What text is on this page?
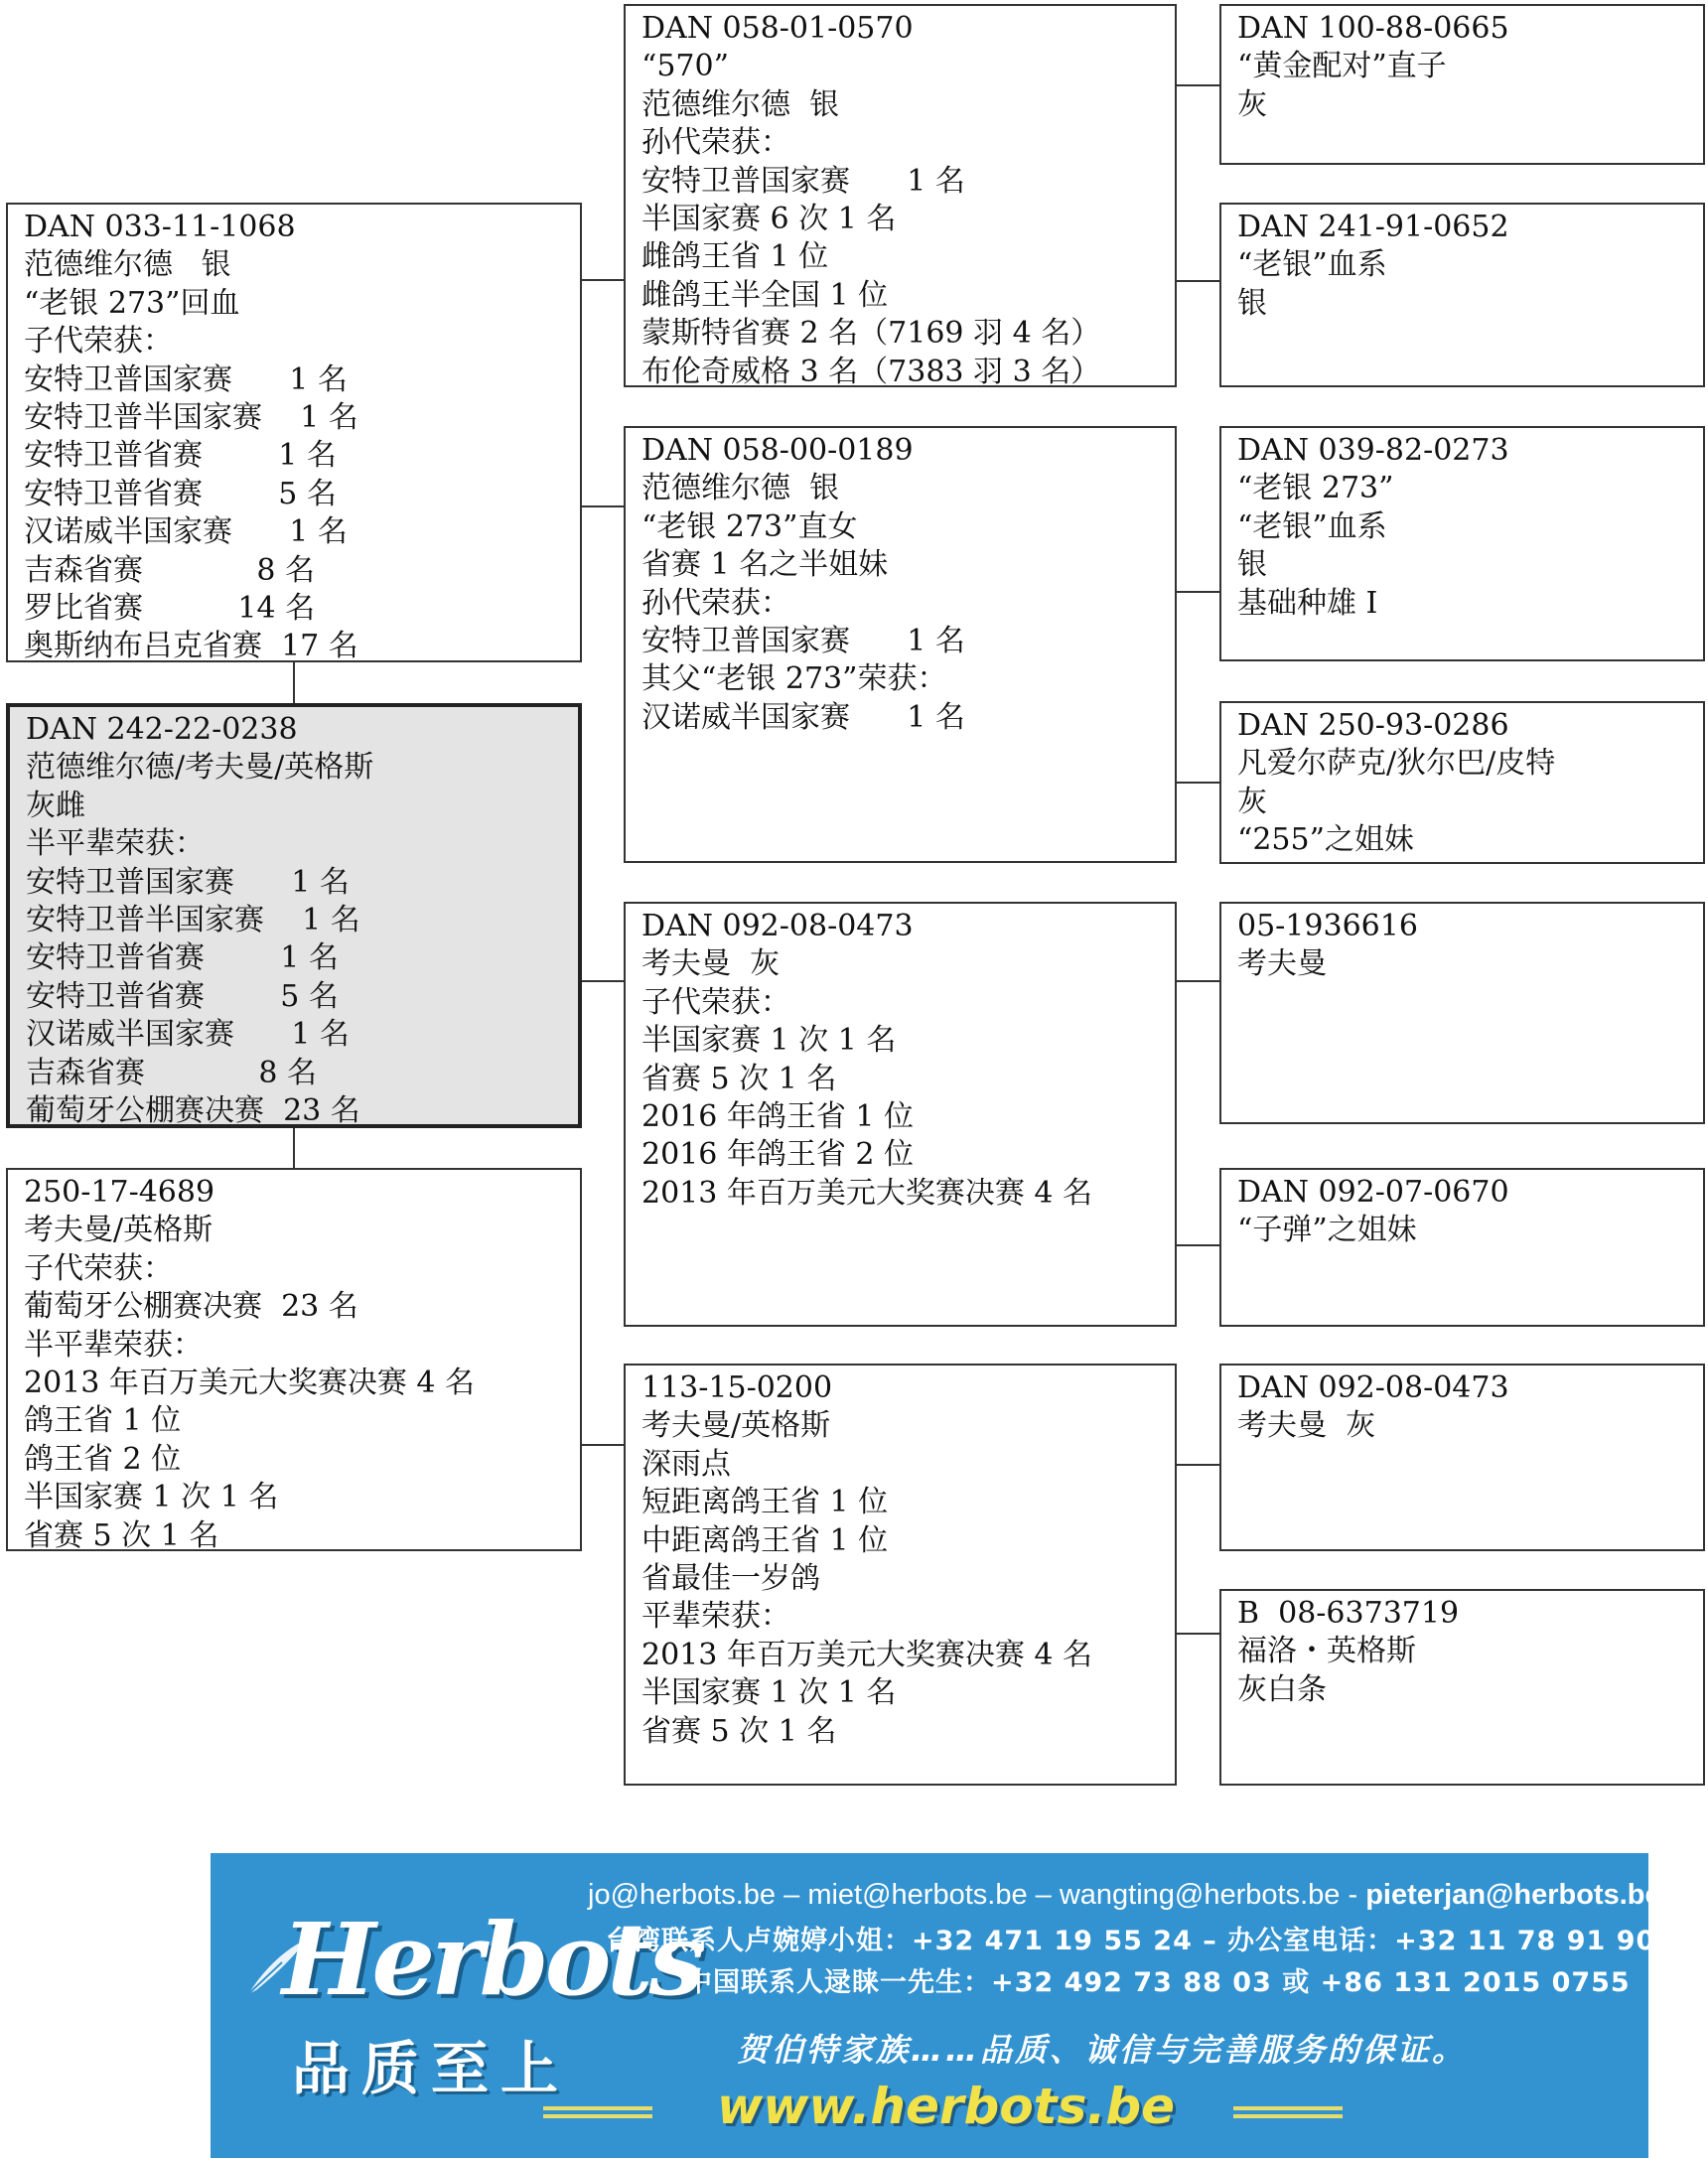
DAN 242-22-0238
范德维尔德/考夫曼/英格斯
灰雌
半平辈荣获：
安特卫普国家赛      1 名
安特卫普半国家赛    1 名
安特卫普省赛        1 名
安特卫普省赛        5 名
汉诺威半国家赛      1 名
吉森省赛            8 名
葡萄牙公棚赛决赛  23 名
DAN 033-11-1068
范德维尔德   银
“老银 273”回血
子代荣获：
安特卫普国家赛      1 名
安特卫普半国家赛    1 名
安特卫普省赛        1 名
安特卫普省赛        5 名
汉诺威半国家赛      1 名
吉森省赛            8 名
罗比省赛          14 名
奥斯纳布吕克省赛  17 名
250-17-4689
考夫曼/英格斯
子代荣获：
葡萄牙公棚赛决赛  23 名
半平辈荣获：
2013 年百万美元大奖赛决赛 4 名
鸽王省 1 位
鸽王省 2 位
半国家赛 1 次 1 名
省赛 5 次 1 名
DAN 058-01-0570
“570”
范德维尔德  银
孙代荣获：
安特卫普国家赛      1 名
半国家赛 6 次 1 名
雌鸽王省 1 位
雌鸽王半全国 1 位
蒙斯特省赛 2 名（7169 羽 4 名）
布伦奇威格 3 名（7383 羽 3 名）
DAN 058-00-0189
范德维尔德  银
“老银 273”直女
省赛 1 名之半姐妹
孙代荣获：
安特卫普国家赛      1 名
其父“老银 273”荣获：
汉诺威半国家赛      1 名
DAN 092-08-0473
考夫曼  灰
子代荣获：
半国家赛 1 次 1 名
省赛 5 次 1 名
2016 年鸽王省 1 位
2016 年鸽王省 2 位
2013 年百万美元大奖赛决赛 4 名
113-15-0200
考夫曼/英格斯
深雨点
短距离鸽王省 1 位
中距离鸽王省 1 位
省最佳一岁鸽
平辈荣获：
2013 年百万美元大奖赛决赛 4 名
半国家赛 1 次 1 名
省赛 5 次 1 名
DAN 100-88-0665
“黄金配对”直子
灰
DAN 241-91-0652
“老银”血系
银
DAN 039-82-0273
“老银 273”
“老银”血系
银
基础种雄 I
DAN 250-93-0286
凡爱尔萨克/狄尔巴/皮特
灰
“255”之姐妹
05-1936616
考夫曼
DAN 092-07-0670
“子弹”之姐妹
DAN 092-08-0473
考夫曼  灰
B  08-6373719
福洛・英格斯
灰白条
Herbots
品质至上
jo@herbots.be – miet@herbots.be – wangting@herbots.be - pieterjan@herbots.be
台湾联系人卢婉婷小姐：+32 471 19 55 24 – 办公室电话：+32 11 78 91 90
中国联系人逯睐一先生：+32 492 73 88 03 或 +86 131 2015 0755
贺伯特家族……品质、诚信与完善服务的保证。
www.herbots.be
